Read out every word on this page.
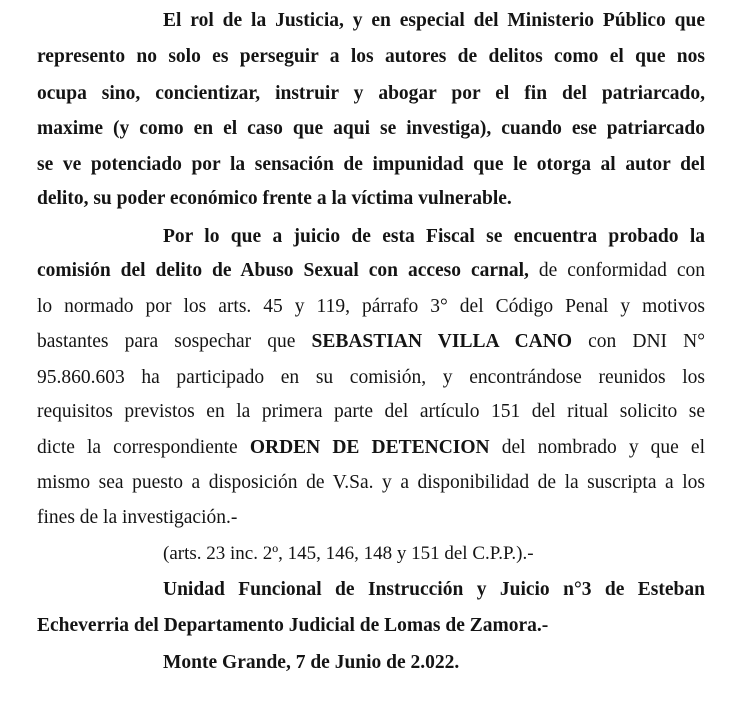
El rol de la Justicia, y en especial del Ministerio Público que
represento no solo es perseguir a los autores de delitos como el que nos
ocupa sino, concientizar, instruir y abogar por el fin del patriarcado,
maxime (y como en el caso que aqui se investiga), cuando ese patriarcado
se ve potenciado por la sensación de impunidad que le otorga al autor del
delito, su poder económico frente a la víctima vulnerable.
Por lo que a juicio de esta Fiscal se encuentra probado la
comisión del delito de Abuso Sexual con acceso carnal, de conformidad con
lo normado por los arts. 45 y 119, párrafo 3° del Código Penal y motivos
bastantes para sospechar que SEBASTIAN VILLA CANO con DNI N°
95.860.603 ha participado en su comisión, y encontrándose reunidos los
requisitos previstos en la primera parte del artículo 151 del ritual solicito se
dicte la correspondiente ORDEN DE DETENCION del nombrado y que el
mismo sea puesto a disposición de V.Sa. y a disponibilidad de la suscripta a los
fines de la investigación.-
(arts. 23 inc. 2º, 145, 146, 148 y 151 del C.P.P.).-
Unidad Funcional de Instrucción y Juicio n°3 de Esteban
Echeverria del Departamento Judicial de Lomas de Zamora.-
Monte Grande, 7 de Junio de 2.022.
